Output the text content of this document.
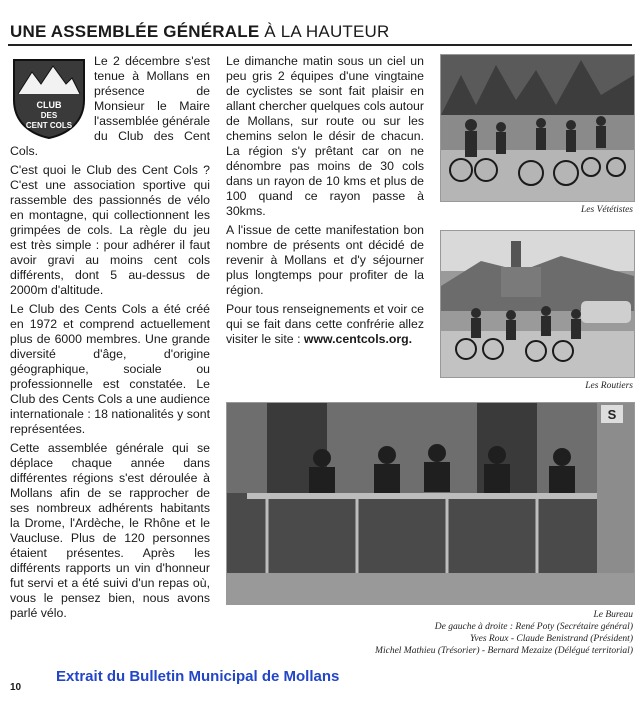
UNE ASSEMBLÉE GÉNÉRALE À LA HAUTEUR
CLUB
DES
CENT COLS

Le 2 décembre s'est tenue à Mollans en présence de Monsieur le Maire l'assemblée générale du Club des Cent Cols.

C'est quoi le Club des Cent Cols ? C'est une association sportive qui rassemble des passionnés de vélo en montagne, qui collectionnent les grimpées de cols. La règle du jeu est très simple : pour adhérer il faut avoir gravi au moins cent cols différents, dont 5 au-dessus de 2000m d'altitude.

Le Club des Cents Cols a été créé en 1972 et comprend actuellement plus de 6000 membres. Une grande diversité d'âge, d'origine géographique, sociale ou professionnelle est constatée. Le Club des Cents Cols a une audience internationale : 18 nationalités y sont représentées.

Cette assemblée générale qui se déplace chaque année dans différentes régions s'est déroulée à Mollans afin de se rapprocher de ses nombreux adhérents habitants la Drome, l'Ardèche, le Rhône et le Vaucluse. Plus de 120 personnes étaient présentes. Après les différents rapports un vin d'honneur fut servi et a été suivi d'un repas où, vous le pensez bien, nous avons parlé vélo.

Le dimanche matin sous un ciel un peu gris 2 équipes d'une vingtaine de cyclistes se sont fait plaisir en allant chercher quelques cols autour de Mollans, sur route ou sur les chemins selon le désir de chacun. La région s'y prêtant car on ne dénombre pas moins de 30 cols dans un rayon de 10 kms et plus de 100 quand ce rayon passe à 30kms.

A l'issue de cette manifestation bon nombre de présents ont décidé de revenir à Mollans et d'y séjourner plus longtemps pour profiter de la région.

Pour tous renseignements et voir ce qui se fait dans cette confrérie allez visiter le site : www.centcols.org.

Les Vététistes
Les Routiers
S
Le Bureau
De gauche à droite : René Poty (Secrétaire général)
Yves Roux - Claude Benistrand (Président)
Michel Mathieu (Trésorier) - Bernard Mezaize (Délégué territorial)
Extrait du Bulletin Municipal de Mollans
10
